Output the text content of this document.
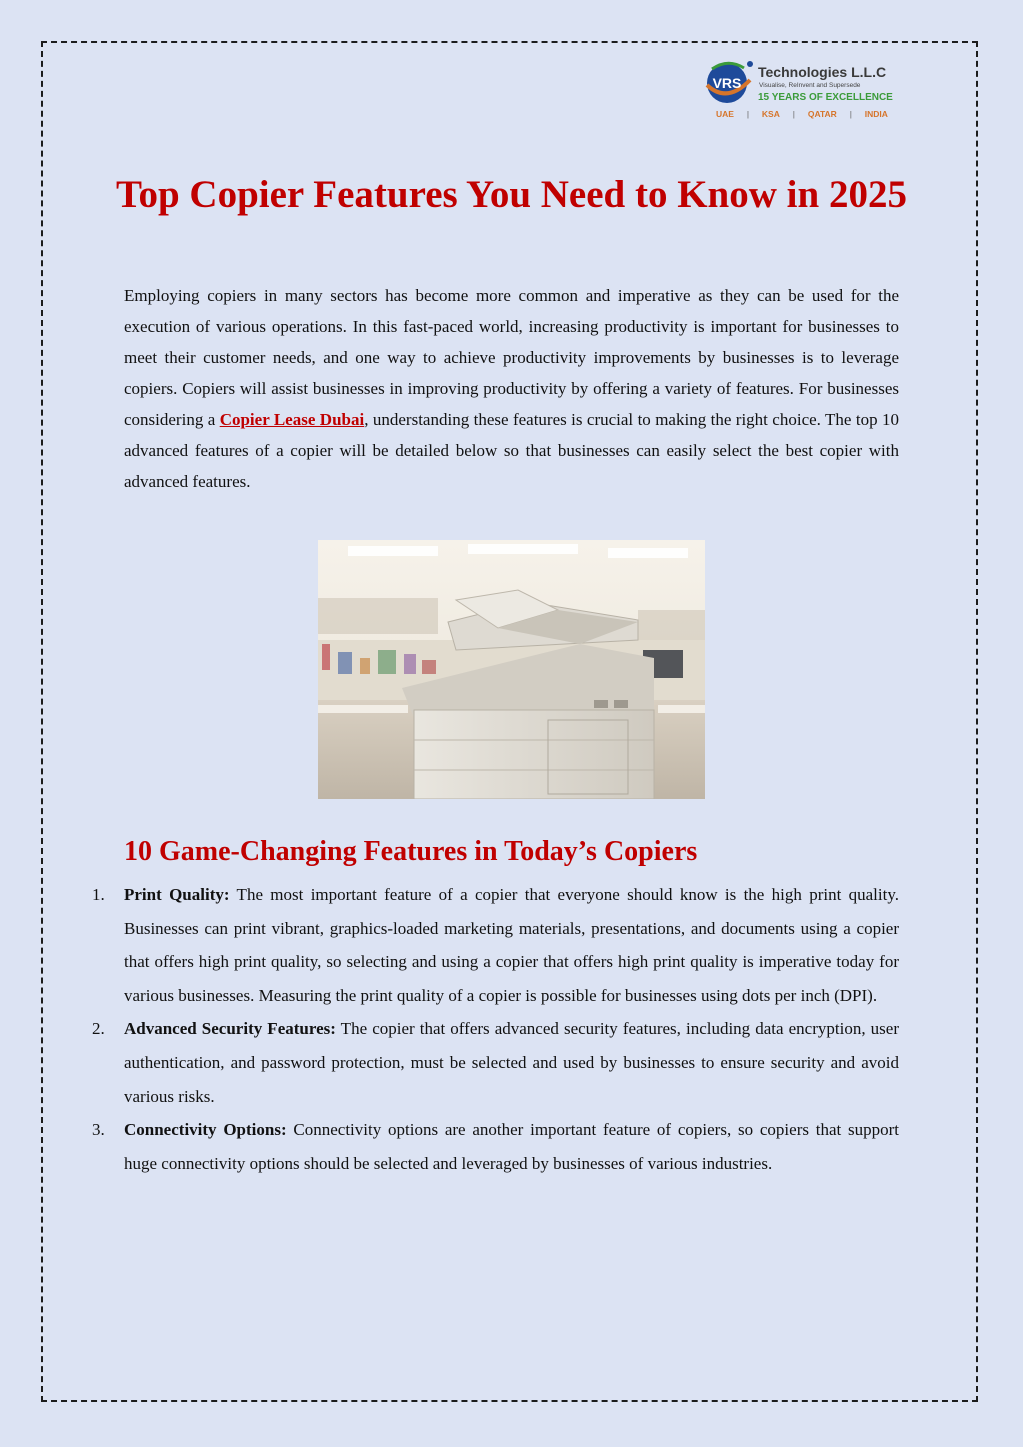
VRS
Technologies L.L.C
Visualise, ReInvent and Supersede
15 YEARS OF EXCELLENCE
UAE | KSA | QATAR | INDIA
Top Copier Features You Need to Know in 2025

Employing copiers in many sectors has become more common and imperative as they can be used for the execution of various operations. In this fast-paced world, increasing productivity is important for businesses to meet their customer needs, and one way to achieve productivity improvements by businesses is to leverage copiers. Copiers will assist businesses in improving productivity by offering a variety of features. For businesses considering a Copier Lease Dubai, understanding these features is crucial to making the right choice. The top 10 advanced features of a copier will be detailed below so that businesses can easily select the best copier with advanced features.

10 Game-Changing Features in Today’s Copiers
1. Print Quality: The most important feature of a copier that everyone should know is the high print quality. Businesses can print vibrant, graphics-loaded marketing materials, presentations, and documents using a copier that offers high print quality, so selecting and using a copier that offers high print quality is imperative today for various businesses. Measuring the print quality of a copier is possible for businesses using dots per inch (DPI).
2. Advanced Security Features: The copier that offers advanced security features, including data encryption, user authentication, and password protection, must be selected and used by businesses to ensure security and avoid various risks.
3. Connectivity Options: Connectivity options are another important feature of copiers, so copiers that support huge connectivity options should be selected and leveraged by businesses of various industries.
